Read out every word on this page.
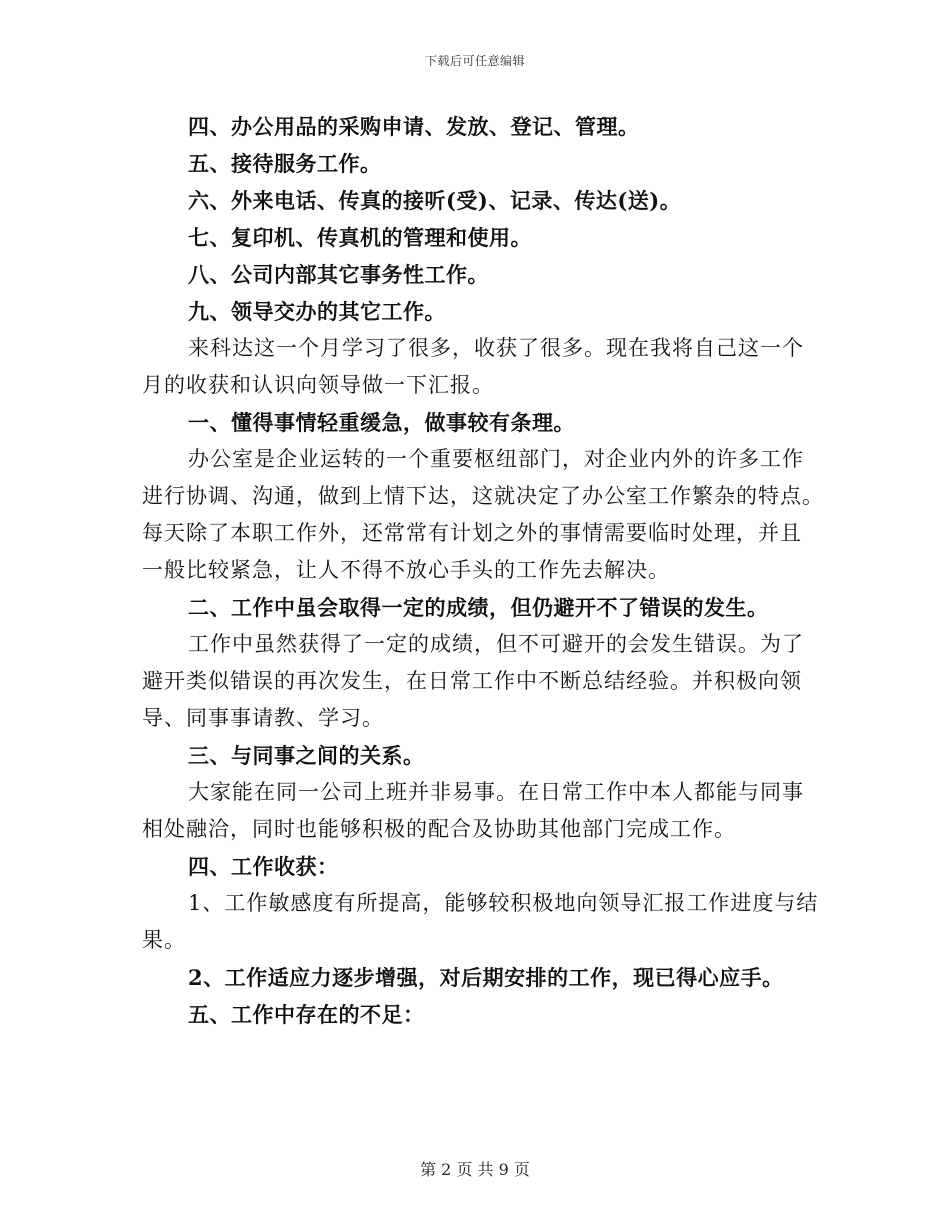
下载后可任意编辑
四、办公用品的采购申请、发放、登记、管理。
五、接待服务工作。
六、外来电话、传真的接听(受)、记录、传达(送)。
七、复印机、传真机的管理和使用。
八、公司内部其它事务性工作。
九、领导交办的其它工作。
来科达这一个月学习了很多，收获了很多。现在我将自己这一个
月的收获和认识向领导做一下汇报。
一、懂得事情轻重缓急，做事较有条理。
办公室是企业运转的一个重要枢纽部门，对企业内外的许多工作
进行协调、沟通，做到上情下达，这就决定了办公室工作繁杂的特点。
每天除了本职工作外，还常常有计划之外的事情需要临时处理，并且
一般比较紧急，让人不得不放心手头的工作先去解决。
二、工作中虽会取得一定的成绩，但仍避开不了错误的发生。
工作中虽然获得了一定的成绩，但不可避开的会发生错误。为了
避开类似错误的再次发生，在日常工作中不断总结经验。并积极向领
导、同事事请教、学习。
三、与同事之间的关系。
大家能在同一公司上班并非易事。在日常工作中本人都能与同事
相处融洽，同时也能够积极的配合及协助其他部门完成工作。
四、工作收获：
1、工作敏感度有所提高，能够较积极地向领导汇报工作进度与结
果。
2、工作适应力逐步增强，对后期安排的工作，现已得心应手。
五、工作中存在的不足：
第 2 页 共 9 页
